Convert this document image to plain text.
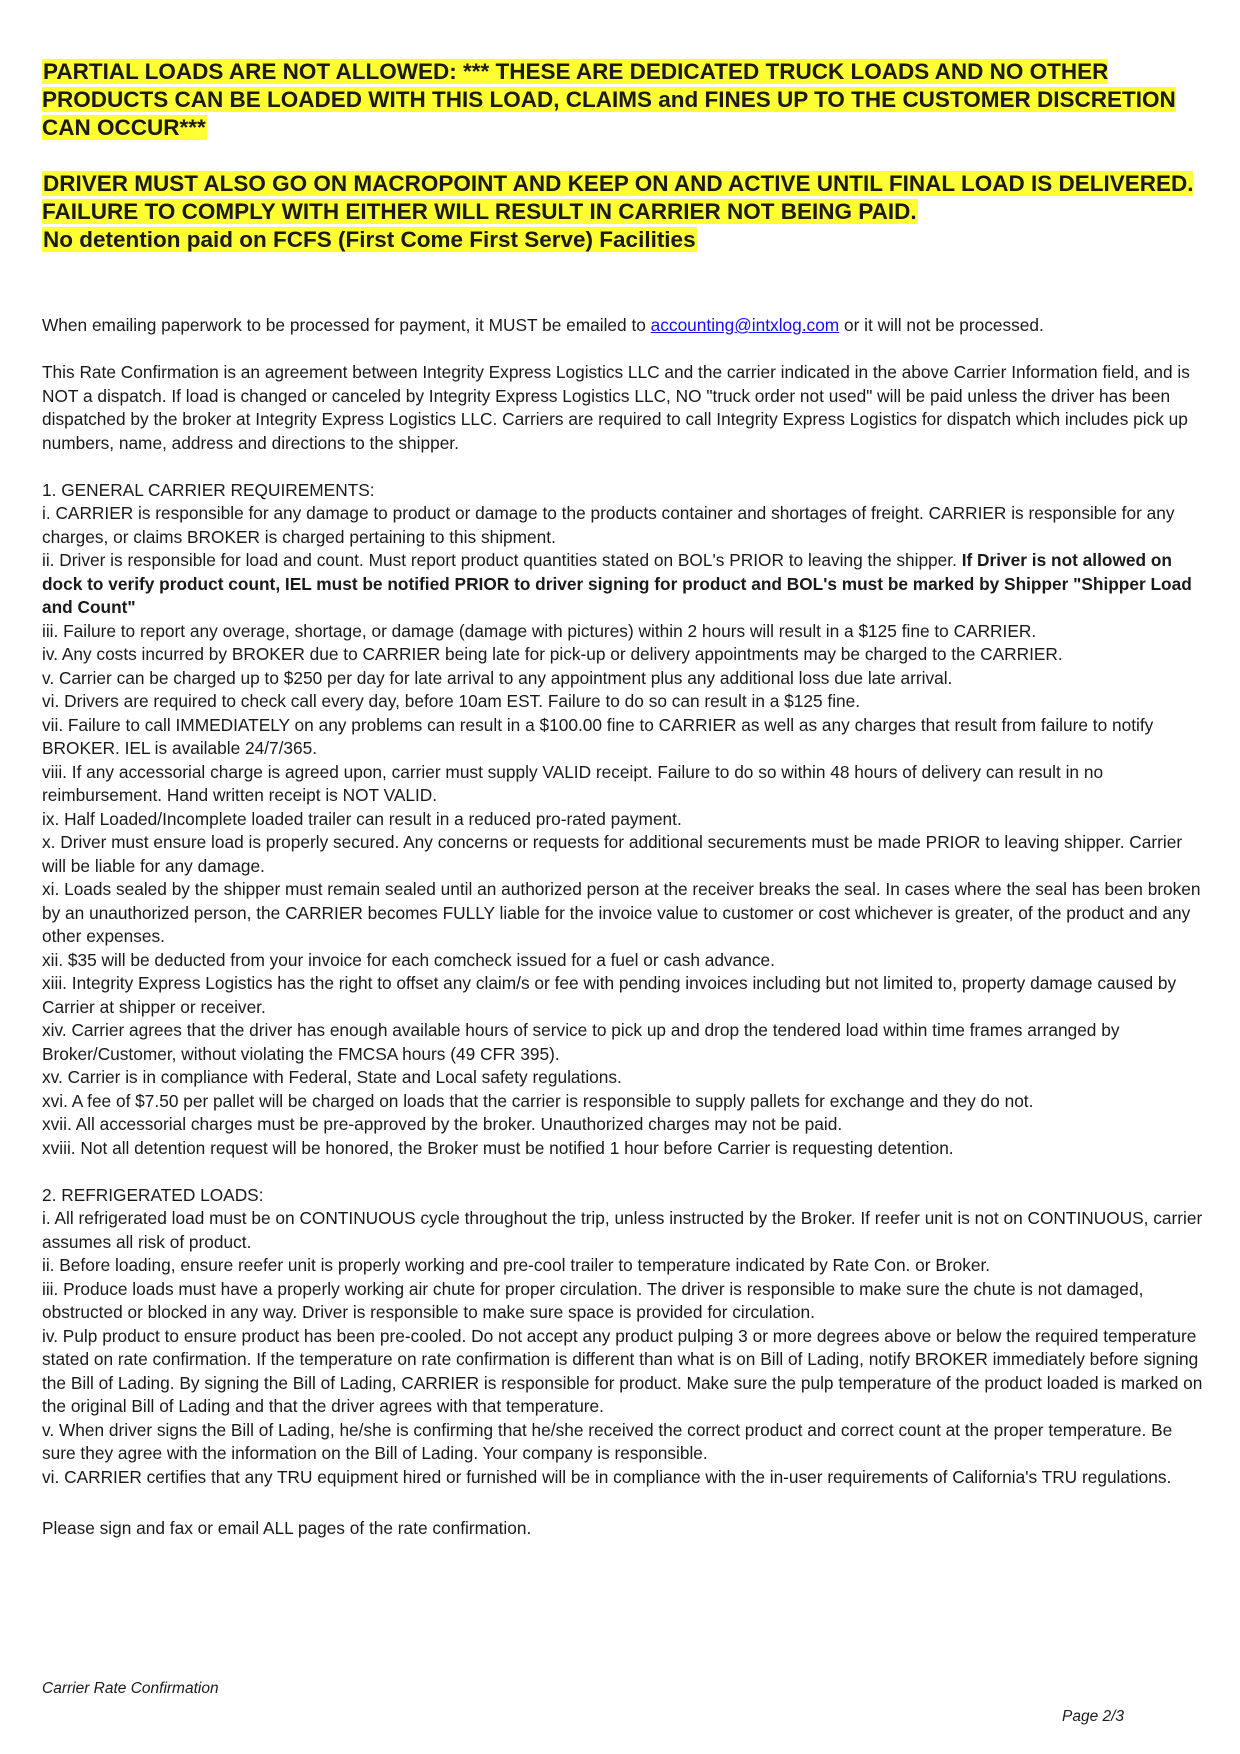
PARTIAL LOADS ARE NOT ALLOWED: *** THESE ARE DEDICATED TRUCK LOADS AND NO OTHER PRODUCTS CAN BE LOADED WITH THIS LOAD, CLAIMS and FINES UP TO THE CUSTOMER DISCRETION CAN OCCUR***

DRIVER MUST ALSO GO ON MACROPOINT AND KEEP ON AND ACTIVE UNTIL FINAL LOAD IS DELIVERED. FAILURE TO COMPLY WITH EITHER WILL RESULT IN CARRIER NOT BEING PAID.

No detention paid on FCFS (First Come First Serve) Facilities

When emailing paperwork to be processed for payment, it MUST be emailed to accounting@intxlog.com or it will not be processed.

This Rate Confirmation is an agreement between Integrity Express Logistics LLC and the carrier indicated in the above Carrier Information field, and is NOT a dispatch. If load is changed or canceled by Integrity Express Logistics LLC, NO "truck order not used" will be paid unless the driver has been dispatched by the broker at Integrity Express Logistics LLC. Carriers are required to call Integrity Express Logistics for dispatch which includes pick up numbers, name, address and directions to the shipper.

1. GENERAL CARRIER REQUIREMENTS:

i. CARRIER is responsible for any damage to product or damage to the products container and shortages of freight. CARRIER is responsible for any charges, or claims BROKER is charged pertaining to this shipment.

ii. Driver is responsible for load and count. Must report product quantities stated on BOL's PRIOR to leaving the shipper. If Driver is not allowed on dock to verify product count, IEL must be notified PRIOR to driver signing for product and BOL's must be marked by Shipper "Shipper Load and Count"

iii. Failure to report any overage, shortage, or damage (damage with pictures) within 2 hours will result in a $125 fine to CARRIER.

iv. Any costs incurred by BROKER due to CARRIER being late for pick-up or delivery appointments may be charged to the CARRIER.

v. Carrier can be charged up to $250 per day for late arrival to any appointment plus any additional loss due late arrival.

vi. Drivers are required to check call every day, before 10am EST. Failure to do so can result in a $125 fine.

vii. Failure to call IMMEDIATELY on any problems can result in a $100.00 fine to CARRIER as well as any charges that result from failure to notify BROKER. IEL is available 24/7/365.

viii. If any accessorial charge is agreed upon, carrier must supply VALID receipt. Failure to do so within 48 hours of delivery can result in no reimbursement. Hand written receipt is NOT VALID.

ix. Half Loaded/Incomplete loaded trailer can result in a reduced pro-rated payment.

x. Driver must ensure load is properly secured. Any concerns or requests for additional securements must be made PRIOR to leaving shipper. Carrier will be liable for any damage.

xi. Loads sealed by the shipper must remain sealed until an authorized person at the receiver breaks the seal. In cases where the seal has been broken by an unauthorized person, the CARRIER becomes FULLY liable for the invoice value to customer or cost whichever is greater, of the product and any other expenses.

xii. $35 will be deducted from your invoice for each comcheck issued for a fuel or cash advance.

xiii. Integrity Express Logistics has the right to offset any claim/s or fee with pending invoices including but not limited to, property damage caused by Carrier at shipper or receiver.

xiv. Carrier agrees that the driver has enough available hours of service to pick up and drop the tendered load within time frames arranged by Broker/Customer, without violating the FMCSA hours (49 CFR 395).

xv. Carrier is in compliance with Federal, State and Local safety regulations.

xvi. A fee of $7.50 per pallet will be charged on loads that the carrier is responsible to supply pallets for exchange and they do not.

xvii. All accessorial charges must be pre-approved by the broker. Unauthorized charges may not be paid.

xviii. Not all detention request will be honored, the Broker must be notified 1 hour before Carrier is requesting detention.

2. REFRIGERATED LOADS:

i. All refrigerated load must be on CONTINUOUS cycle throughout the trip, unless instructed by the Broker. If reefer unit is not on CONTINUOUS, carrier assumes all risk of product.

ii. Before loading, ensure reefer unit is properly working and pre-cool trailer to temperature indicated by Rate Con. or Broker.

iii. Produce loads must have a properly working air chute for proper circulation. The driver is responsible to make sure the chute is not damaged, obstructed or blocked in any way. Driver is responsible to make sure space is provided for circulation.

iv. Pulp product to ensure product has been pre-cooled. Do not accept any product pulping 3 or more degrees above or below the required temperature stated on rate confirmation. If the temperature on rate confirmation is different than what is on Bill of Lading, notify BROKER immediately before signing the Bill of Lading. By signing the Bill of Lading, CARRIER is responsible for product. Make sure the pulp temperature of the product loaded is marked on the original Bill of Lading and that the driver agrees with that temperature.

v. When driver signs the Bill of Lading, he/she is confirming that he/she received the correct product and correct count at the proper temperature. Be sure they agree with the information on the Bill of Lading. Your company is responsible.

vi. CARRIER certifies that any TRU equipment hired or furnished will be in compliance with the in-user requirements of California's TRU regulations.

Please sign and fax or email ALL pages of the rate confirmation.

Carrier Rate Confirmation
Page 2/3
